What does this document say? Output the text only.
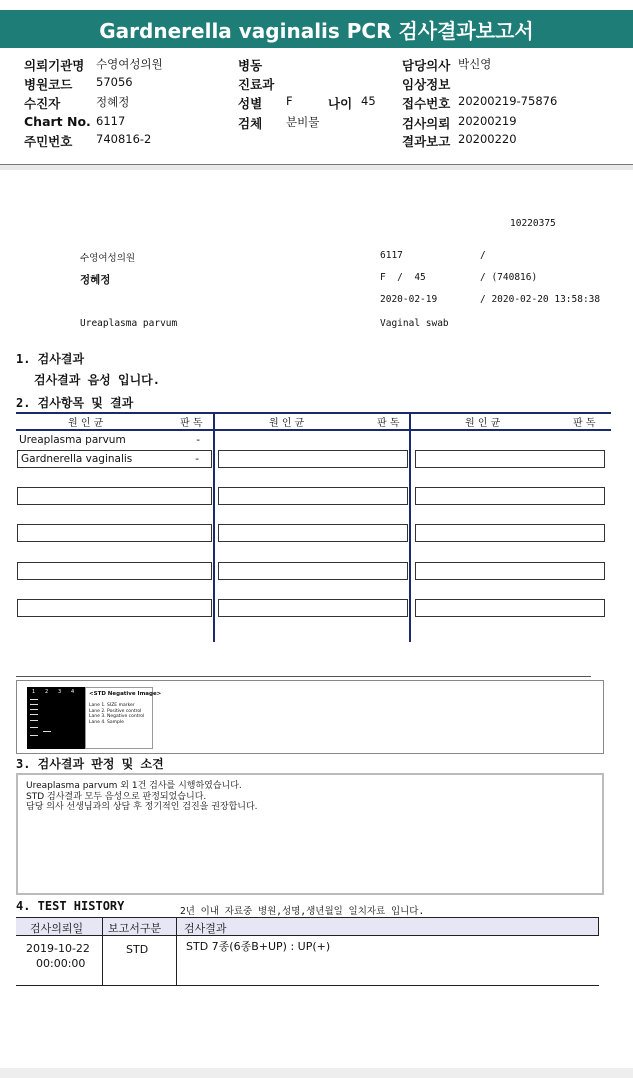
Gardnerella vaginalis PCR 검사결과보고서
의뢰기관명 수영여성의원	병동	담당의사 박신영
병원코드 57056	진료과	임상정보
수진자	정혜정	성별 F	나이 45 접수번호 20200219-75876
Chart No. 6117	검체 분비물	검사의뢰 20200219
주민번호 740816-2	결과보고 20200220
10220375
수영여성의원	6117	/
정혜정	F  /  45	/ (740816)
2020-02-19	/ 2020-02-20 13:58:38
Ureaplasma parvum	Vaginal swab
1. 검사결과
검사결과 음성 입니다.
2. 검사항목 및 결과
원 인 균	판 독	원 인 균	판 독	원 인 균	판 독
Ureaplasma parvum	-
Gardnerella vaginalis	-
1 2 3 4	<STD Negative Image>
Lane 1. SIZE marker
Lane 2. Positive control
Lane 3. Negative control
Lane 4. Sample
3. 검사결과 판정 및 소견
Ureaplasma parvum 외 1건 검사를 시행하였습니다.
STD 검사결과 모두 음성으로 판정되었습니다.
담당 의사 선생님과의 상담 후 정기적인 검진을 권장합니다.
4. TEST HISTORY	2년 이내 자료중 병원,성명,생년월일 일치자료 입니다.
검사의뢰일 보고서구분 검사결과
2019-10-22
00:00:00
STD	STD 7종(6종B+UP) : UP(+)
